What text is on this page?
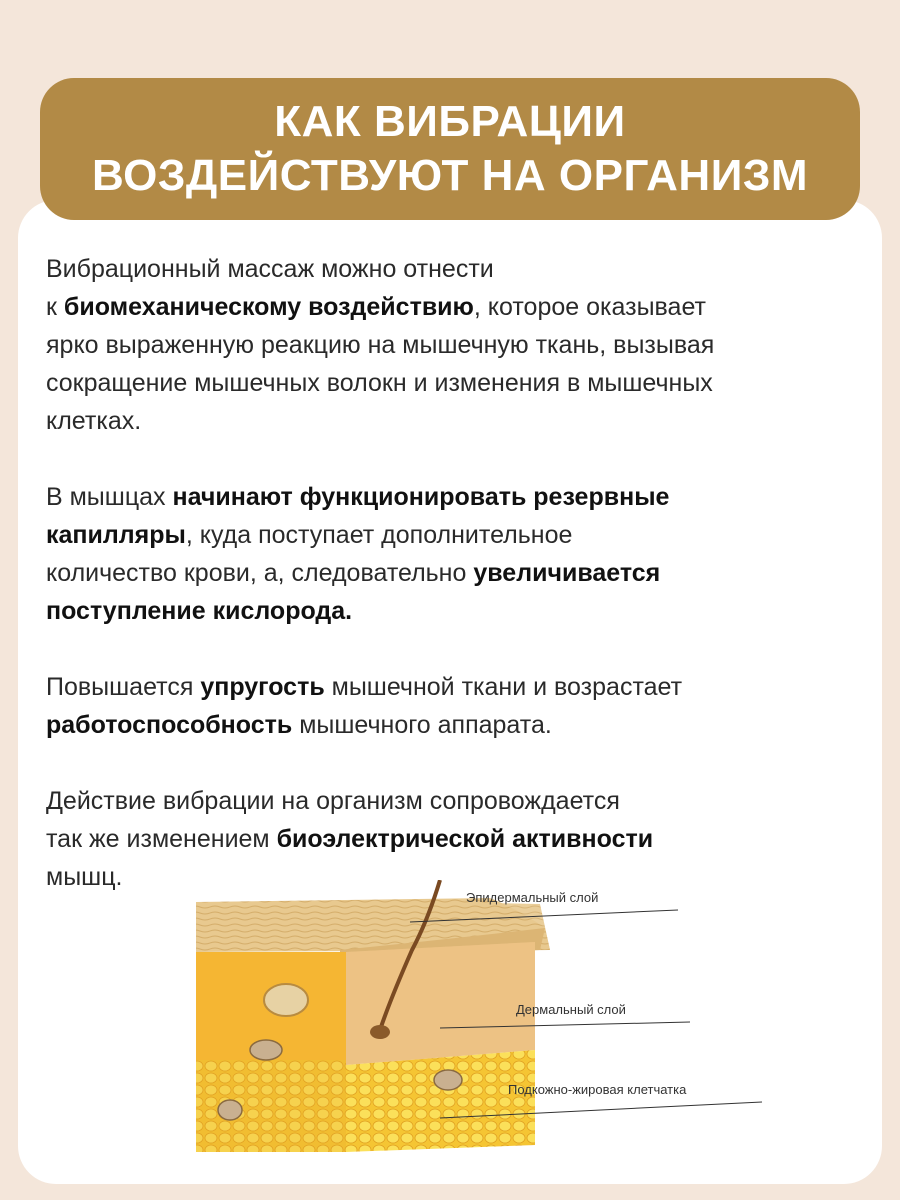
КАК ВИБРАЦИИ
ВОЗДЕЙСТВУЮТ НА ОРГАНИЗМ

Вибрационный массаж можно отнести
к биомеханическому воздействию, которое оказывает
ярко выраженную реакцию на мышечную ткань, вызывая
сокращение мышечных волокн и изменения в мышечных
клетках.

В мышцах начинают функционировать резервные
капилляры, куда поступает дополнительное
количество крови, а, следовательно увеличивается
поступление кислорода.

Повышается упругость мышечной ткани и возрастает
работоспособность мышечного аппарата.

Действие вибрации на организм сопровождается
так же изменением биоэлектрической активности
мышц.

Эпидермальный слой
Дермальный слой
Подкожно-жировая клетчатка
